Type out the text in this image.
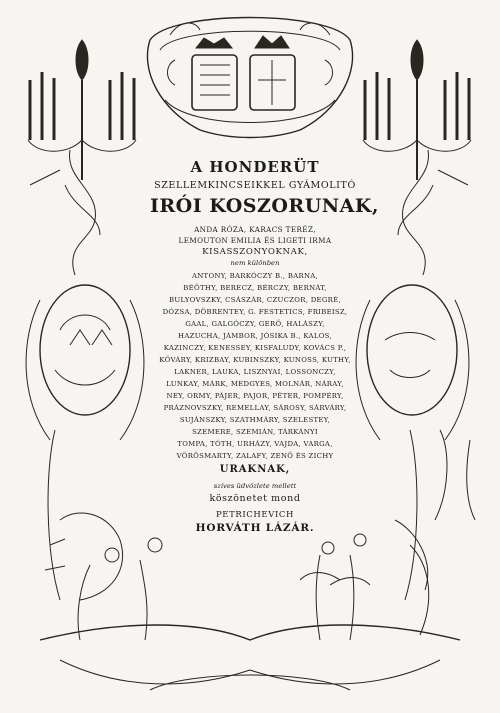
A HONDERÜT
SZELLEMKINCSEIKKEL GYÁMOLITÓ
IRÓI KOSZORUNAK,
ANDA RÓZA, KARACS TERÉZ,
LEMOUTON EMILIA ÉS LIGETI IRMA
KISASSZONYOKNAK,
nem különben
ANTONY, BARKÓCZY B., BARNA,
BÉÖTHY, BERECZ, BÉRCZY, BERNÁT,
BULYOVSZKY, CSÁSZÁR, CZUCZOR, DEGRÉ,
DÓZSA, DÖBRENTEY, G. FESTETICS, FRIBEISZ,
GAAL, GALGÓCZY, GERŐ, HALÁSZY,
HAZUCHA, JÁMBOR, JÓSIKA B., KALOS,
KAZINCZY, KENESSEY, KISFALUDY, KOVÁCS P.,
KŐVÁRY, KRIZBAY, KUBINSZKY, KUNOSS, KUTHY,
LAKNER, LAUKA, LISZNYAI, LOSSONCZY,
LUNKAY, MÁRK, MEDGYES, MOLNÁR, NÁRAY,
NEY, ORMY, PÁJER, PAJOR, PÉTER, POMPÉRY,
PRÁZNOVSZKY, REMELLAY, SÁROSY, SÁRVÁRY,
SUJÁNSZKY, SZATHMÁRY, SZELESTEY,
SZEMERE, SZEMIÁN, TÁRKÁNYI
TOMPA, TÓTH, URHÁZY, VAJDA, VARGA,
VÖRÖSMARTY, ZALAFY, ZENŐ ÉS ZICHY
URAKNAK,
szíves üdvözlete mellett
köszönetet mond
PETRICHEVICH
HORVÁTH LÁZÁR.
